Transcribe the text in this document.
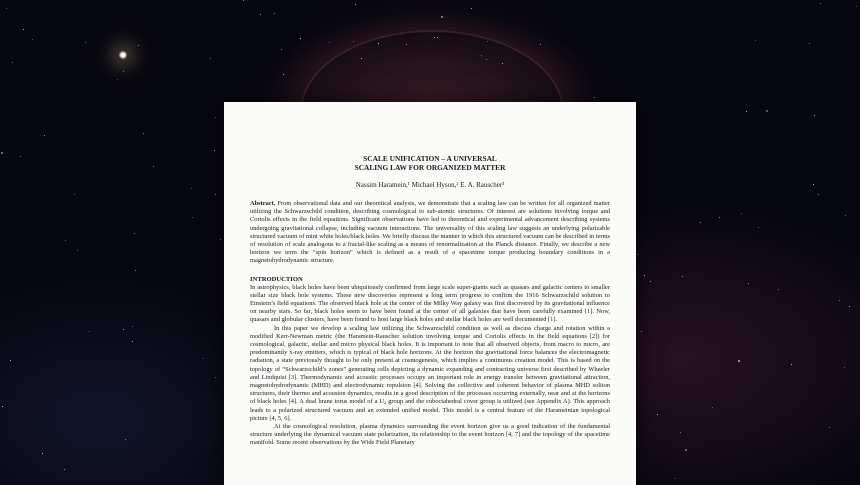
SCALE UNIFICATION – A UNIVERSAL
SCALING LAW FOR ORGANIZED MATTER
Nassim Haramein,¹ Michael Hyson,² E. A. Rauscher³
Abstract. From observational data and our theoretical analysis, we demonstrate that a scaling law can be written for all organized matter utilizing the Schwarzschild condition, describing cosmological to sub-atomic structures. Of interest are solutions involving torque and Coriolis effects in the field equations. Significant observations have led to theoretical and experimental advancement describing systems undergoing gravitational collapse, including vacuum interactions. The universality of this scaling law suggests an underlying polarizable structured vacuum of mini white holes/black holes. We briefly discuss the manner in which this structured vacuum can be described in terms of resolution of scale analogous to a fractal-like scaling as a means of renormalization at the Planck distance. Finally, we describe a new horizon we term the “spin horizon” which is defined as a result of a spacetime torque producing boundary conditions in a magnetohydrodynamic structure.
INTRODUCTION
In astrophysics, black holes have been ubiquitously confirmed from large scale super-giants such as quasars and galactic centers to smaller stellar size black hole systems. These new discoveries represent a long term progress to confirm the 1916 Schwarzschild solution to Einstein’s field equations. The observed black hole at the center of the Milky Way galaxy was first discovered by its gravitational influence on nearby stars. So far, black holes seem to have been found at the center of all galaxies that have been carefully examined [1]. Now, quasars and globular clusters, have been found to host large black holes and stellar black holes are well documented [1].
In this paper we develop a scaling law utilizing the Schwarzschild condition as well as discuss charge and rotation within a modified Kerr-Newman metric (the Haramein-Rauscher solution involving torque and Coriolis effects in the field equations [2]) for cosmological, galactic, stellar and micro physical black holes. It is important to note that all observed objects, from macro to micro, are predominantly x-ray emitters, which is typical of black hole horizons. At the horizon the gravitational force balances the electromagnetic radiation, a state previously thought to be only present at cosmogenesis, which implies a continuous creation model. This is based on the topology of “Schwarzschild’s zones” generating cells depicting a dynamic expanding and contracting universe first described by Wheeler and Lindquist [3]. Thermodynamic and acoustic processes occupy an important role in energy transfer between gravitational attraction, magnetohydrodynamic (MHD) and electrodynamic repulsion [4]. Solving the collective and coherent behavior of plasma MHD soliton structures, their thermo and acouston dynamics, results in a good description of the processes occurring externally, near and at the horizons of black holes [4]. A dual brane torus model of a U₄ group and the cuboctahedral cover group is utilized (see Appendix A). This approach leads to a polarized structured vacuum and an extended unified model. This model is a central feature of the Harameinian topological picture [4, 5, 6].
At the cosmological resolution, plasma dynamics surrounding the event horizon give us a good indication of the fundamental structure underlying the dynamical vacuum state polarization, its relationship to the event horizon [4, 7] and the topology of the spacetime manifold. Some recent observations by the Wide Field Planetary
